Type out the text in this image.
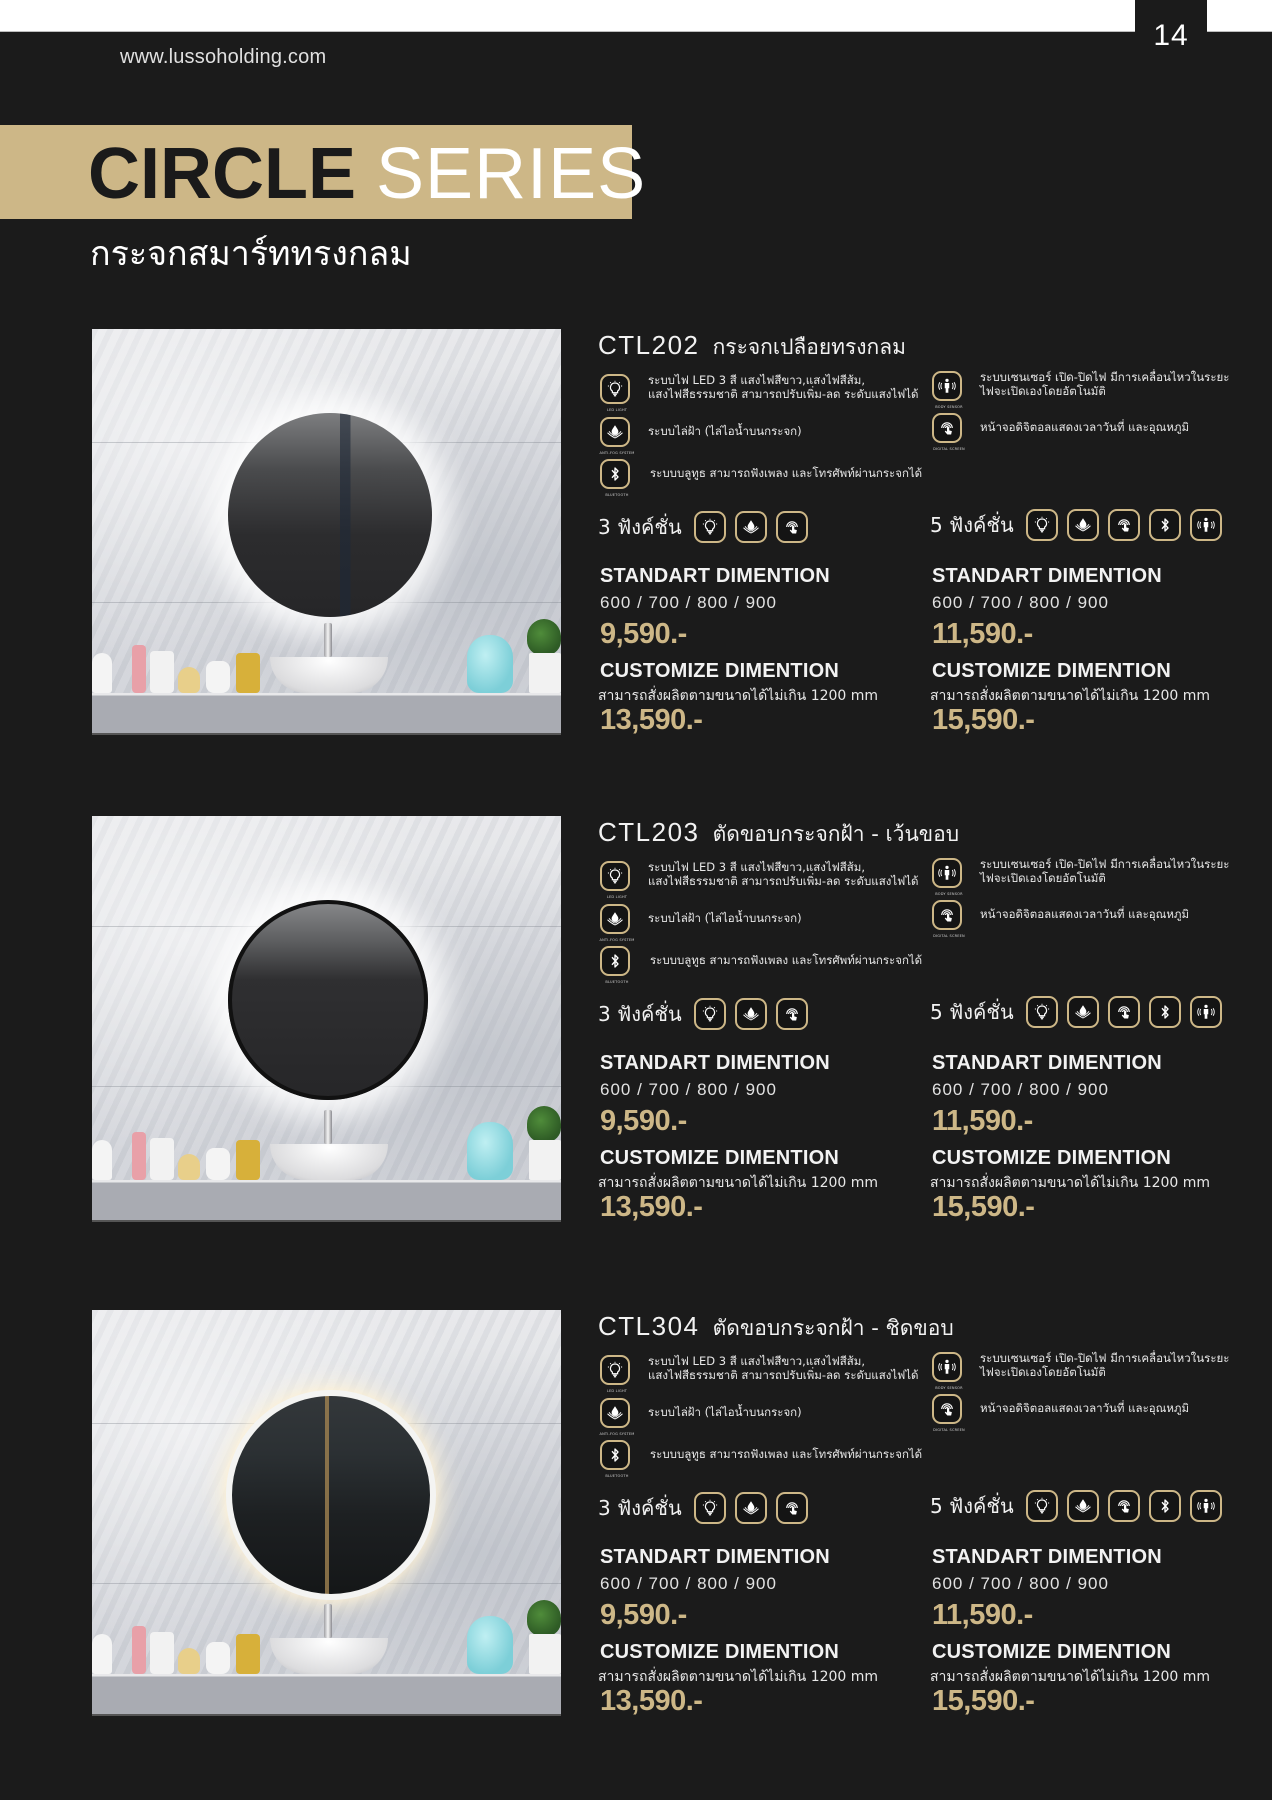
14
www.lussoholding.com
CIRCLE SERIES
กระจกสมาร์ททรงกลม
CTL202 กระจกเปลือยทรงกลม
LED LIGHT
ระบบไฟ LED 3 สี แสงไฟสีขาว,แสงไฟสีส้ม,
แสงไฟสีธรรมชาติ สามารถปรับเพิ่ม-ลด ระดับแสงไฟได้
ANTI-FOG SYSTEM
ระบบไล่ฝ้า (ไล่ไอน้ำบนกระจก)
BLUETOOTH
ระบบบลูทูธ สามารถฟังเพลง และโทรศัพท์ผ่านกระจกได้
BODY SENSOR
ระบบเซนเซอร์ เปิด-ปิดไฟ มีการเคลื่อนไหวในระยะ
ไฟจะเปิดเองโดยอัตโนมัติ
DIGITAL SCREEN
หน้าจอดิจิตอลแสดงเวลาวันที่ และอุณหภูมิ
3 ฟังค์ชั่น
STANDART DIMENTION
600 / 700 / 800 / 900
9,590.-
CUSTOMIZE DIMENTION
สามารถสั่งผลิตตามขนาดได้ไม่เกิน 1200 mm
13,590.-
5 ฟังค์ชั่น
STANDART DIMENTION
600 / 700 / 800 / 900
11,590.-
CUSTOMIZE DIMENTION
สามารถสั่งผลิตตามขนาดได้ไม่เกิน 1200 mm
15,590.-
CTL203 ตัดขอบกระจกฝ้า - เว้นขอบ
LED LIGHT
ระบบไฟ LED 3 สี แสงไฟสีขาว,แสงไฟสีส้ม,
แสงไฟสีธรรมชาติ สามารถปรับเพิ่ม-ลด ระดับแสงไฟได้
ANTI-FOG SYSTEM
ระบบไล่ฝ้า (ไล่ไอน้ำบนกระจก)
BLUETOOTH
ระบบบลูทูธ สามารถฟังเพลง และโทรศัพท์ผ่านกระจกได้
BODY SENSOR
ระบบเซนเซอร์ เปิด-ปิดไฟ มีการเคลื่อนไหวในระยะ
ไฟจะเปิดเองโดยอัตโนมัติ
DIGITAL SCREEN
หน้าจอดิจิตอลแสดงเวลาวันที่ และอุณหภูมิ
3 ฟังค์ชั่น
STANDART DIMENTION
600 / 700 / 800 / 900
9,590.-
CUSTOMIZE DIMENTION
สามารถสั่งผลิตตามขนาดได้ไม่เกิน 1200 mm
13,590.-
5 ฟังค์ชั่น
STANDART DIMENTION
600 / 700 / 800 / 900
11,590.-
CUSTOMIZE DIMENTION
สามารถสั่งผลิตตามขนาดได้ไม่เกิน 1200 mm
15,590.-
CTL304 ตัดขอบกระจกฝ้า - ชิดขอบ
LED LIGHT
ระบบไฟ LED 3 สี แสงไฟสีขาว,แสงไฟสีส้ม,
แสงไฟสีธรรมชาติ สามารถปรับเพิ่ม-ลด ระดับแสงไฟได้
ANTI-FOG SYSTEM
ระบบไล่ฝ้า (ไล่ไอน้ำบนกระจก)
BLUETOOTH
ระบบบลูทูธ สามารถฟังเพลง และโทรศัพท์ผ่านกระจกได้
BODY SENSOR
ระบบเซนเซอร์ เปิด-ปิดไฟ มีการเคลื่อนไหวในระยะ
ไฟจะเปิดเองโดยอัตโนมัติ
DIGITAL SCREEN
หน้าจอดิจิตอลแสดงเวลาวันที่ และอุณหภูมิ
3 ฟังค์ชั่น
STANDART DIMENTION
600 / 700 / 800 / 900
9,590.-
CUSTOMIZE DIMENTION
สามารถสั่งผลิตตามขนาดได้ไม่เกิน 1200 mm
13,590.-
5 ฟังค์ชั่น
STANDART DIMENTION
600 / 700 / 800 / 900
11,590.-
CUSTOMIZE DIMENTION
สามารถสั่งผลิตตามขนาดได้ไม่เกิน 1200 mm
15,590.-
